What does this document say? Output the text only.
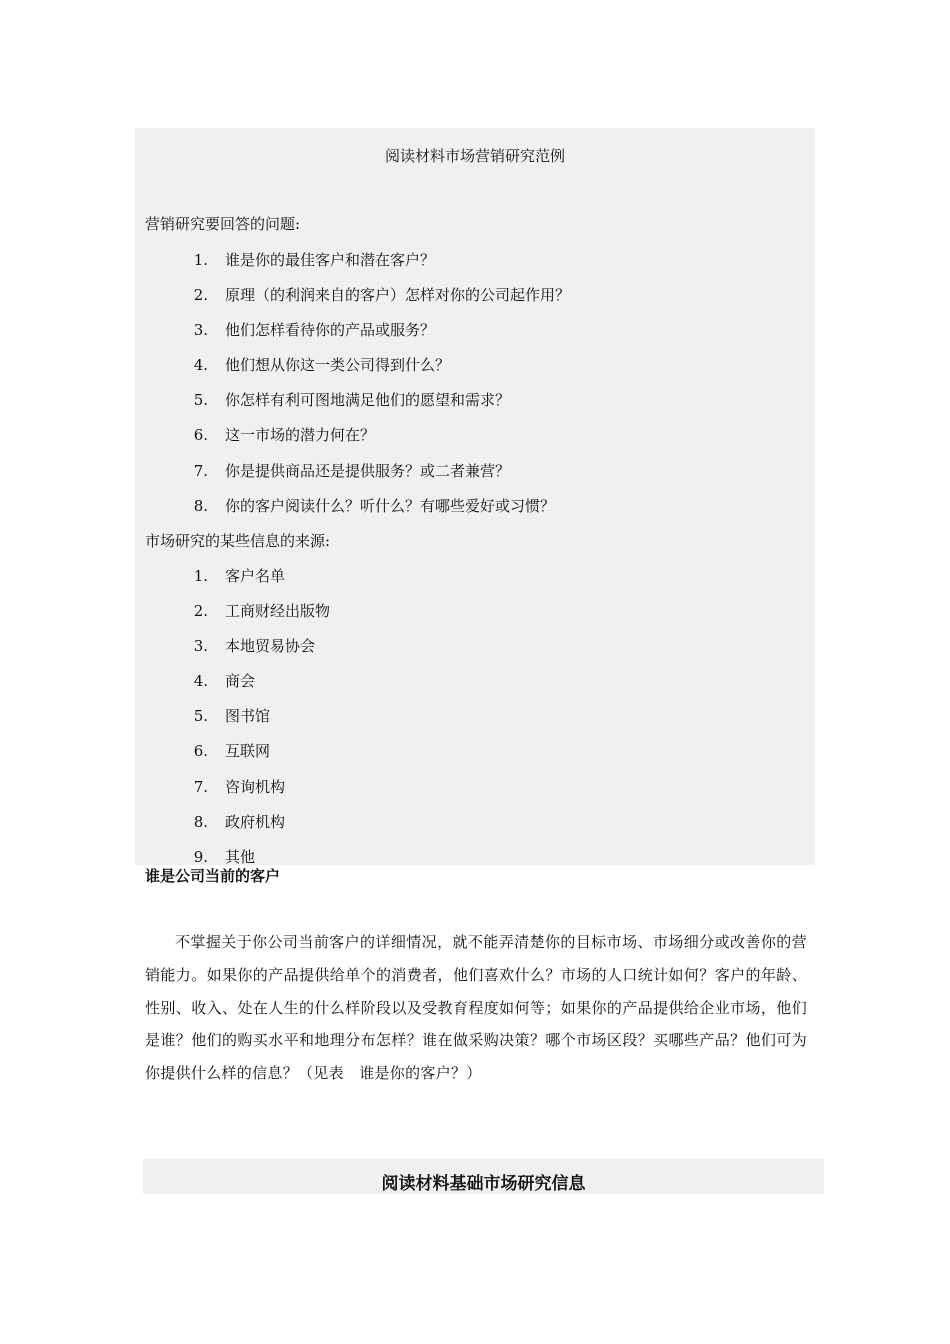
阅读材料市场营销研究范例
营销研究要回答的问题:
1. 谁是你的最佳客户和潜在客户？
2. 原理（的利润来自的客户）怎样对你的公司起作用？
3. 他们怎样看待你的产品或服务？
4. 他们想从你这一类公司得到什么？
5. 你怎样有利可图地满足他们的愿望和需求？
6. 这一市场的潜力何在？
7. 你是提供商品还是提供服务？或二者兼营？
8. 你的客户阅读什么？听什么？有哪些爱好或习惯？
市场研究的某些信息的来源:
1. 客户名单
2. 工商财经出版物
3. 本地贸易协会
4. 商会
5. 图书馆
6. 互联网
7. 咨询机构
8. 政府机构
9. 其他
谁是公司当前的客户

不掌握关于你公司当前客户的详细情况，就不能弄清楚你的目标市场、市场细分或改善你的营销能力。如果你的产品提供给单个的消费者，他们喜欢什么？市场的人口统计如何？客户的年龄、性别、收入、处在人生的什么样阶段以及受教育程度如何等；如果你的产品提供给企业市场，他们是谁？他们的购买水平和地理分布怎样？谁在做采购决策？哪个市场区段？买哪些产品？他们可为你提供什么样的信息？（见表　谁是你的客户？）

阅读材料基础市场研究信息
